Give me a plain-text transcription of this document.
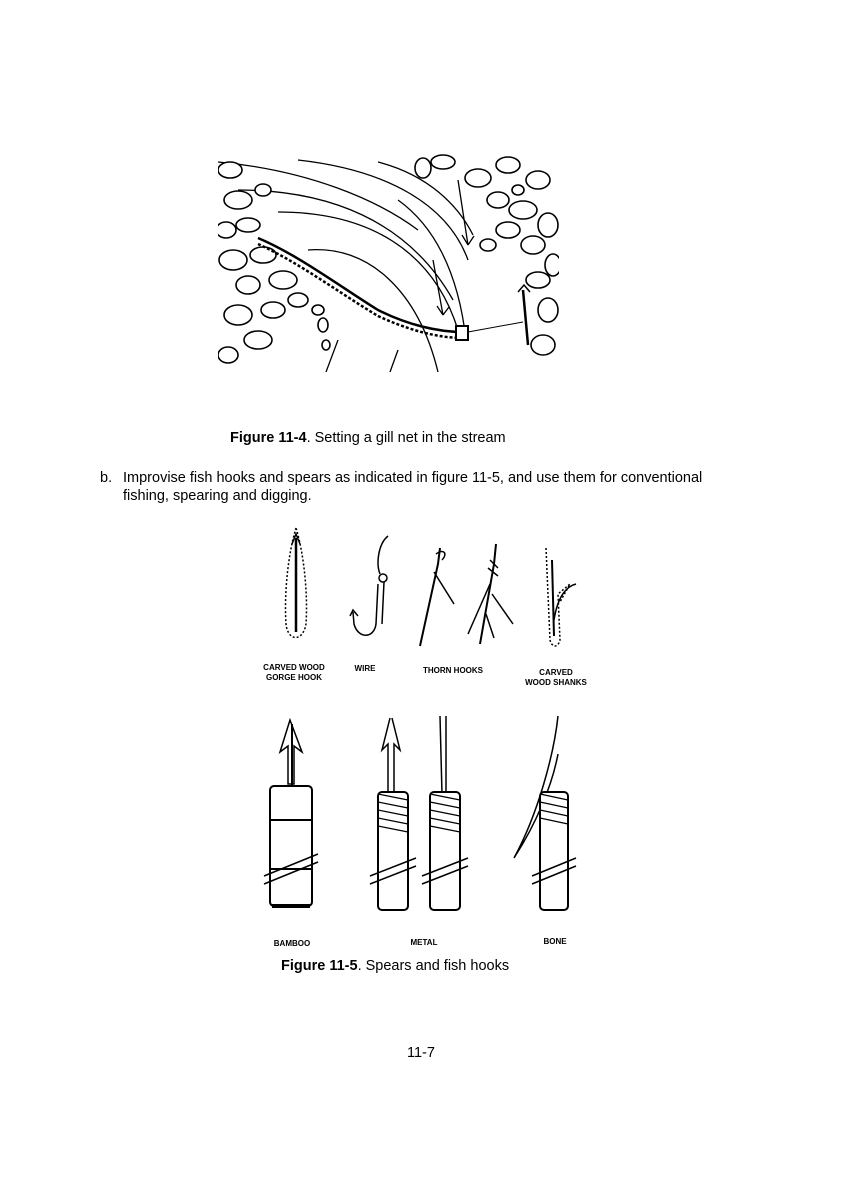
Figure 11-4. Setting a gill net in the stream
b. Improvise fish hooks and spears as indicated in figure 11-5, and use them for conventional fishing, spearing and digging.
CARVED WOOD
GORGE HOOK
WIRE	THORN HOOKS	CARVED
WOOD SHANKS
BAMBOO	METAL	BONE
Figure 11-5. Spears and fish hooks
11-7
